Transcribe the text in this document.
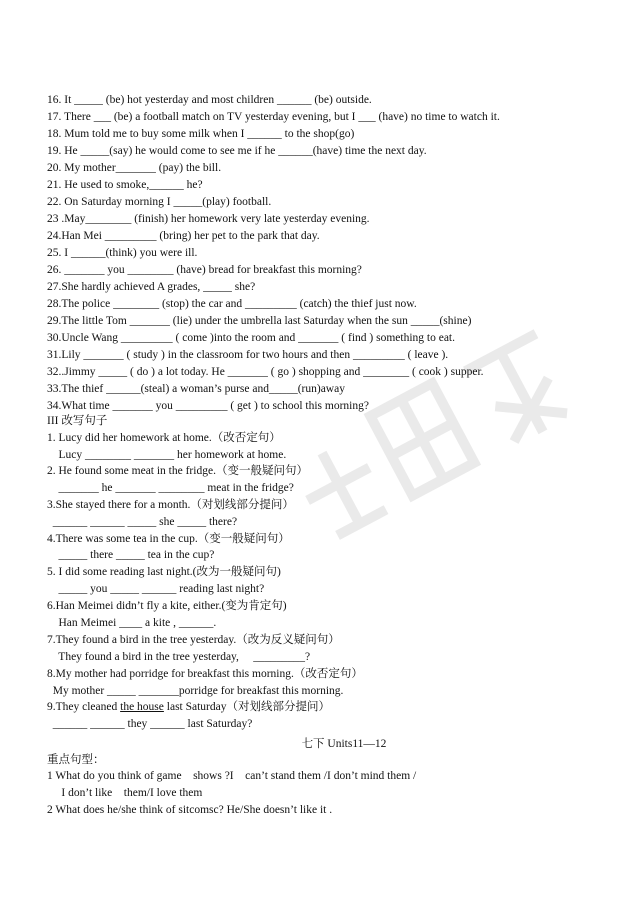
16. It _____ (be) hot yesterday and most children ______ (be) outside.
17. There ___ (be) a football match on TV yesterday evening, but I ___ (have) no time to watch it.
18. Mum told me to buy some milk when I ______ to the shop(go)
19. He _____(say) he would come to see me if he ______(have) time the next day.
20. My mother_______ (pay) the bill.
21. He used to smoke,______ he?
22. On Saturday morning I _____(play) football.
23 .May________ (finish) her homework very late yesterday evening.
24.Han Mei _________ (bring) her pet to the park that day.
25. I ______(think) you were ill.
26. _______ you ________ (have) bread for breakfast this morning?
27.She hardly achieved A grades, _____ she?
28.The police ________ (stop) the car and _________ (catch) the thief just now.
29.The little Tom _______ (lie) under the umbrella last Saturday when the sun _____(shine)
30.Uncle Wang _________ ( come )into the room and _______ ( find ) something to eat.
31.Lily _______ ( study ) in the classroom for two hours and then _________ ( leave ).
32..Jimmy _____ ( do ) a lot today. He _______ ( go ) shopping and ________ ( cook ) supper.
33.The thief ______(steal) a woman’s purse and_____(run)away
34.What time _______ you _________ ( get ) to school this morning?
III 改写句子
1. Lucy did her homework at home.（改否定句）
Lucy ________ _______ her homework at home.
2. He found some meat in the fridge.（变一般疑问句）
_______ he _______ ________ meat in the fridge?
3.She stayed there for a month.（对划线部分提问）
______ ______ _____ she _____ there?
4.There was some tea in the cup.（变一般疑问句）
_____ there _____ tea in the cup?
5. I did some reading last night.(改为一般疑问句)
_____ you _____ ______ reading last night?
6.Han Meimei didn’t fly a kite, either.(变为肯定句)
Han Meimei ____ a kite , ______.
7.They found a bird in the tree yesterday.（改为反义疑问句）
They found a bird in the tree yesterday,     _________?
8.My mother had porridge for breakfast this morning.（改否定句）
My mother _____ _______porridge for breakfast this morning.
9.They cleaned the house last Saturday（对划线部分提问）
______ ______ they ______ last Saturday?
七下 Units11—12
重点句型：
1 What do you think of game    shows ?I    can’t stand them /I don’t mind them /
I don’t like    them/I love them
2 What does he/she think of sitcomsc? He/She doesn’t like it .
